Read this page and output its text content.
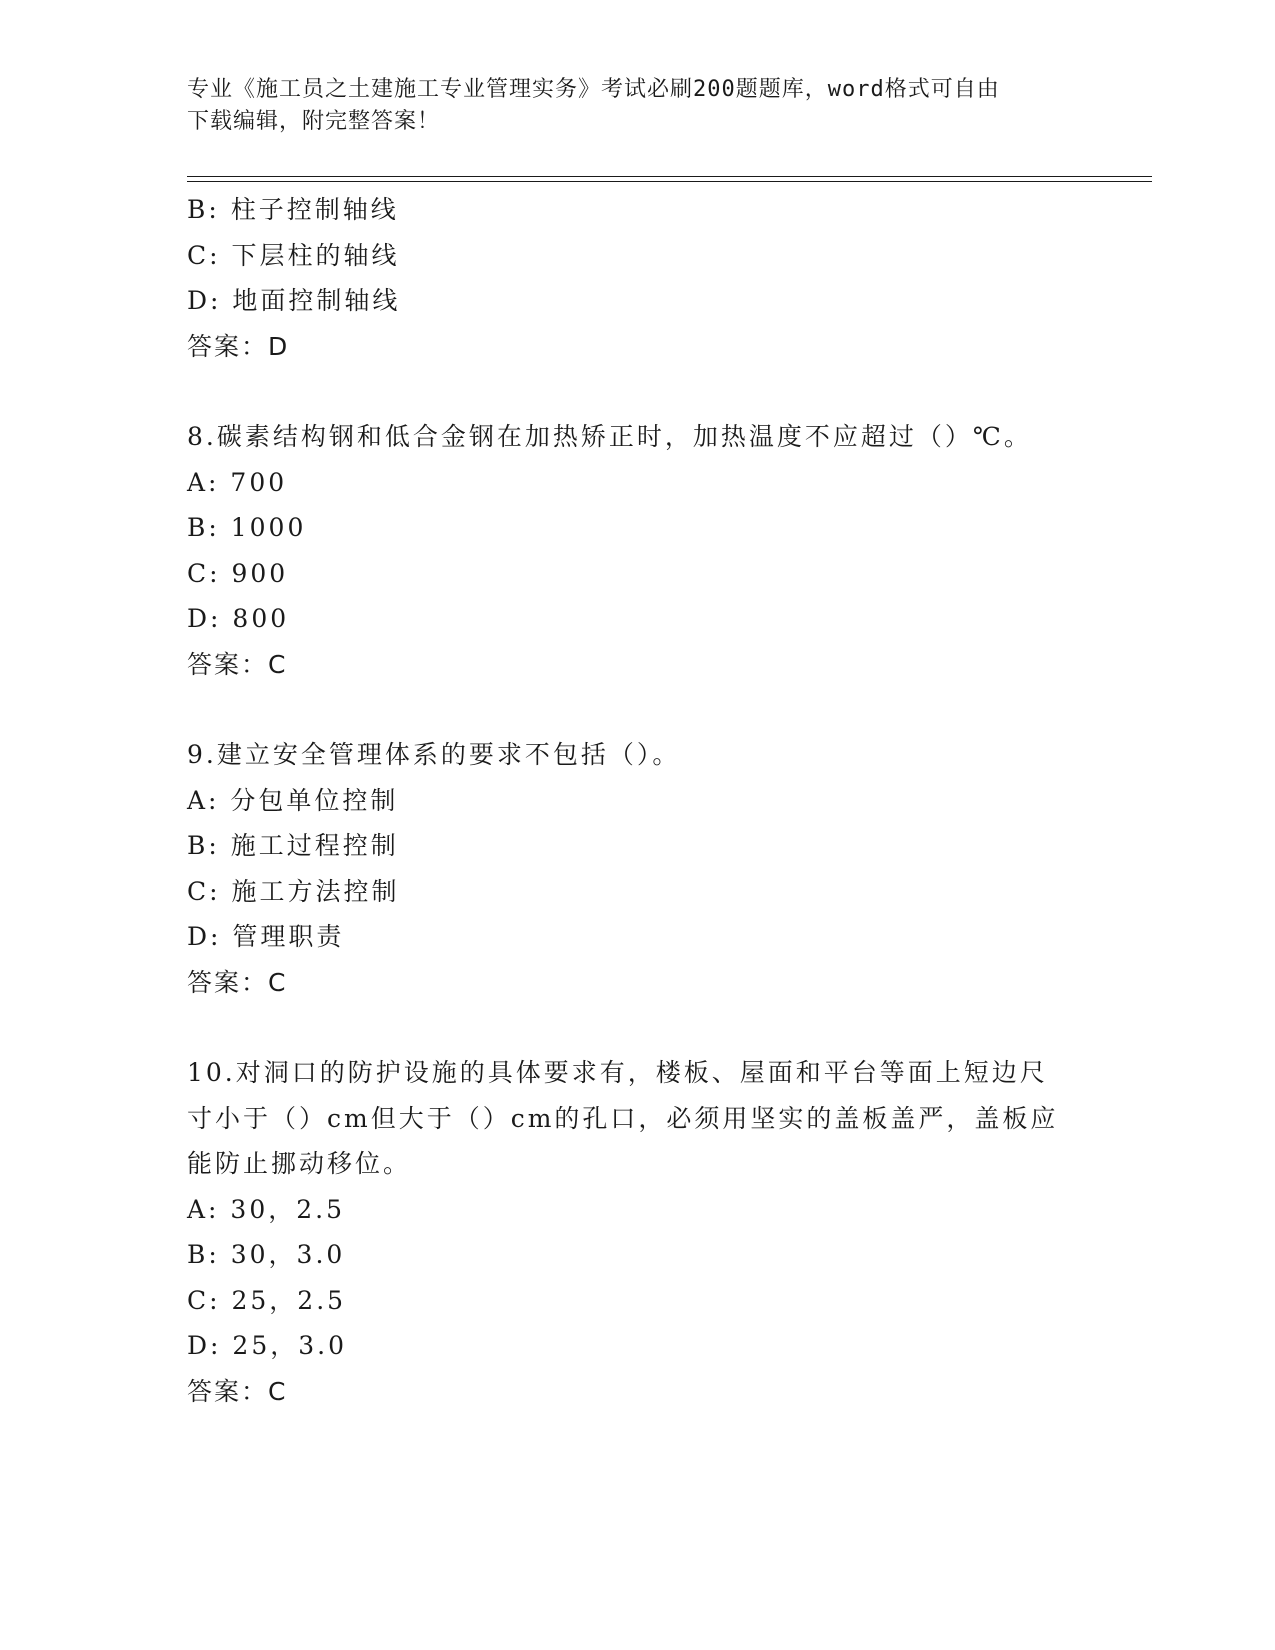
专业《施工员之土建施工专业管理实务》考试必刷200题题库，word格式可自由
下载编辑，附完整答案！
B: 柱子控制轴线
C: 下层柱的轴线
D: 地面控制轴线
答案：D
8.碳素结构钢和低合金钢在加热矫正时，加热温度不应超过（）℃。
A: 700
B: 1000
C: 900
D: 800
答案：C
9.建立安全管理体系的要求不包括（）。
A: 分包单位控制
B: 施工过程控制
C: 施工方法控制
D: 管理职责
答案：C
10.对洞口的防护设施的具体要求有，楼板、屋面和平台等面上短边尺
寸小于（）cm但大于（）cm的孔口，必须用坚实的盖板盖严，盖板应
能防止挪动移位。
A: 30，2.5
B: 30，3.0
C: 25，2.5
D: 25，3.0
答案：C
